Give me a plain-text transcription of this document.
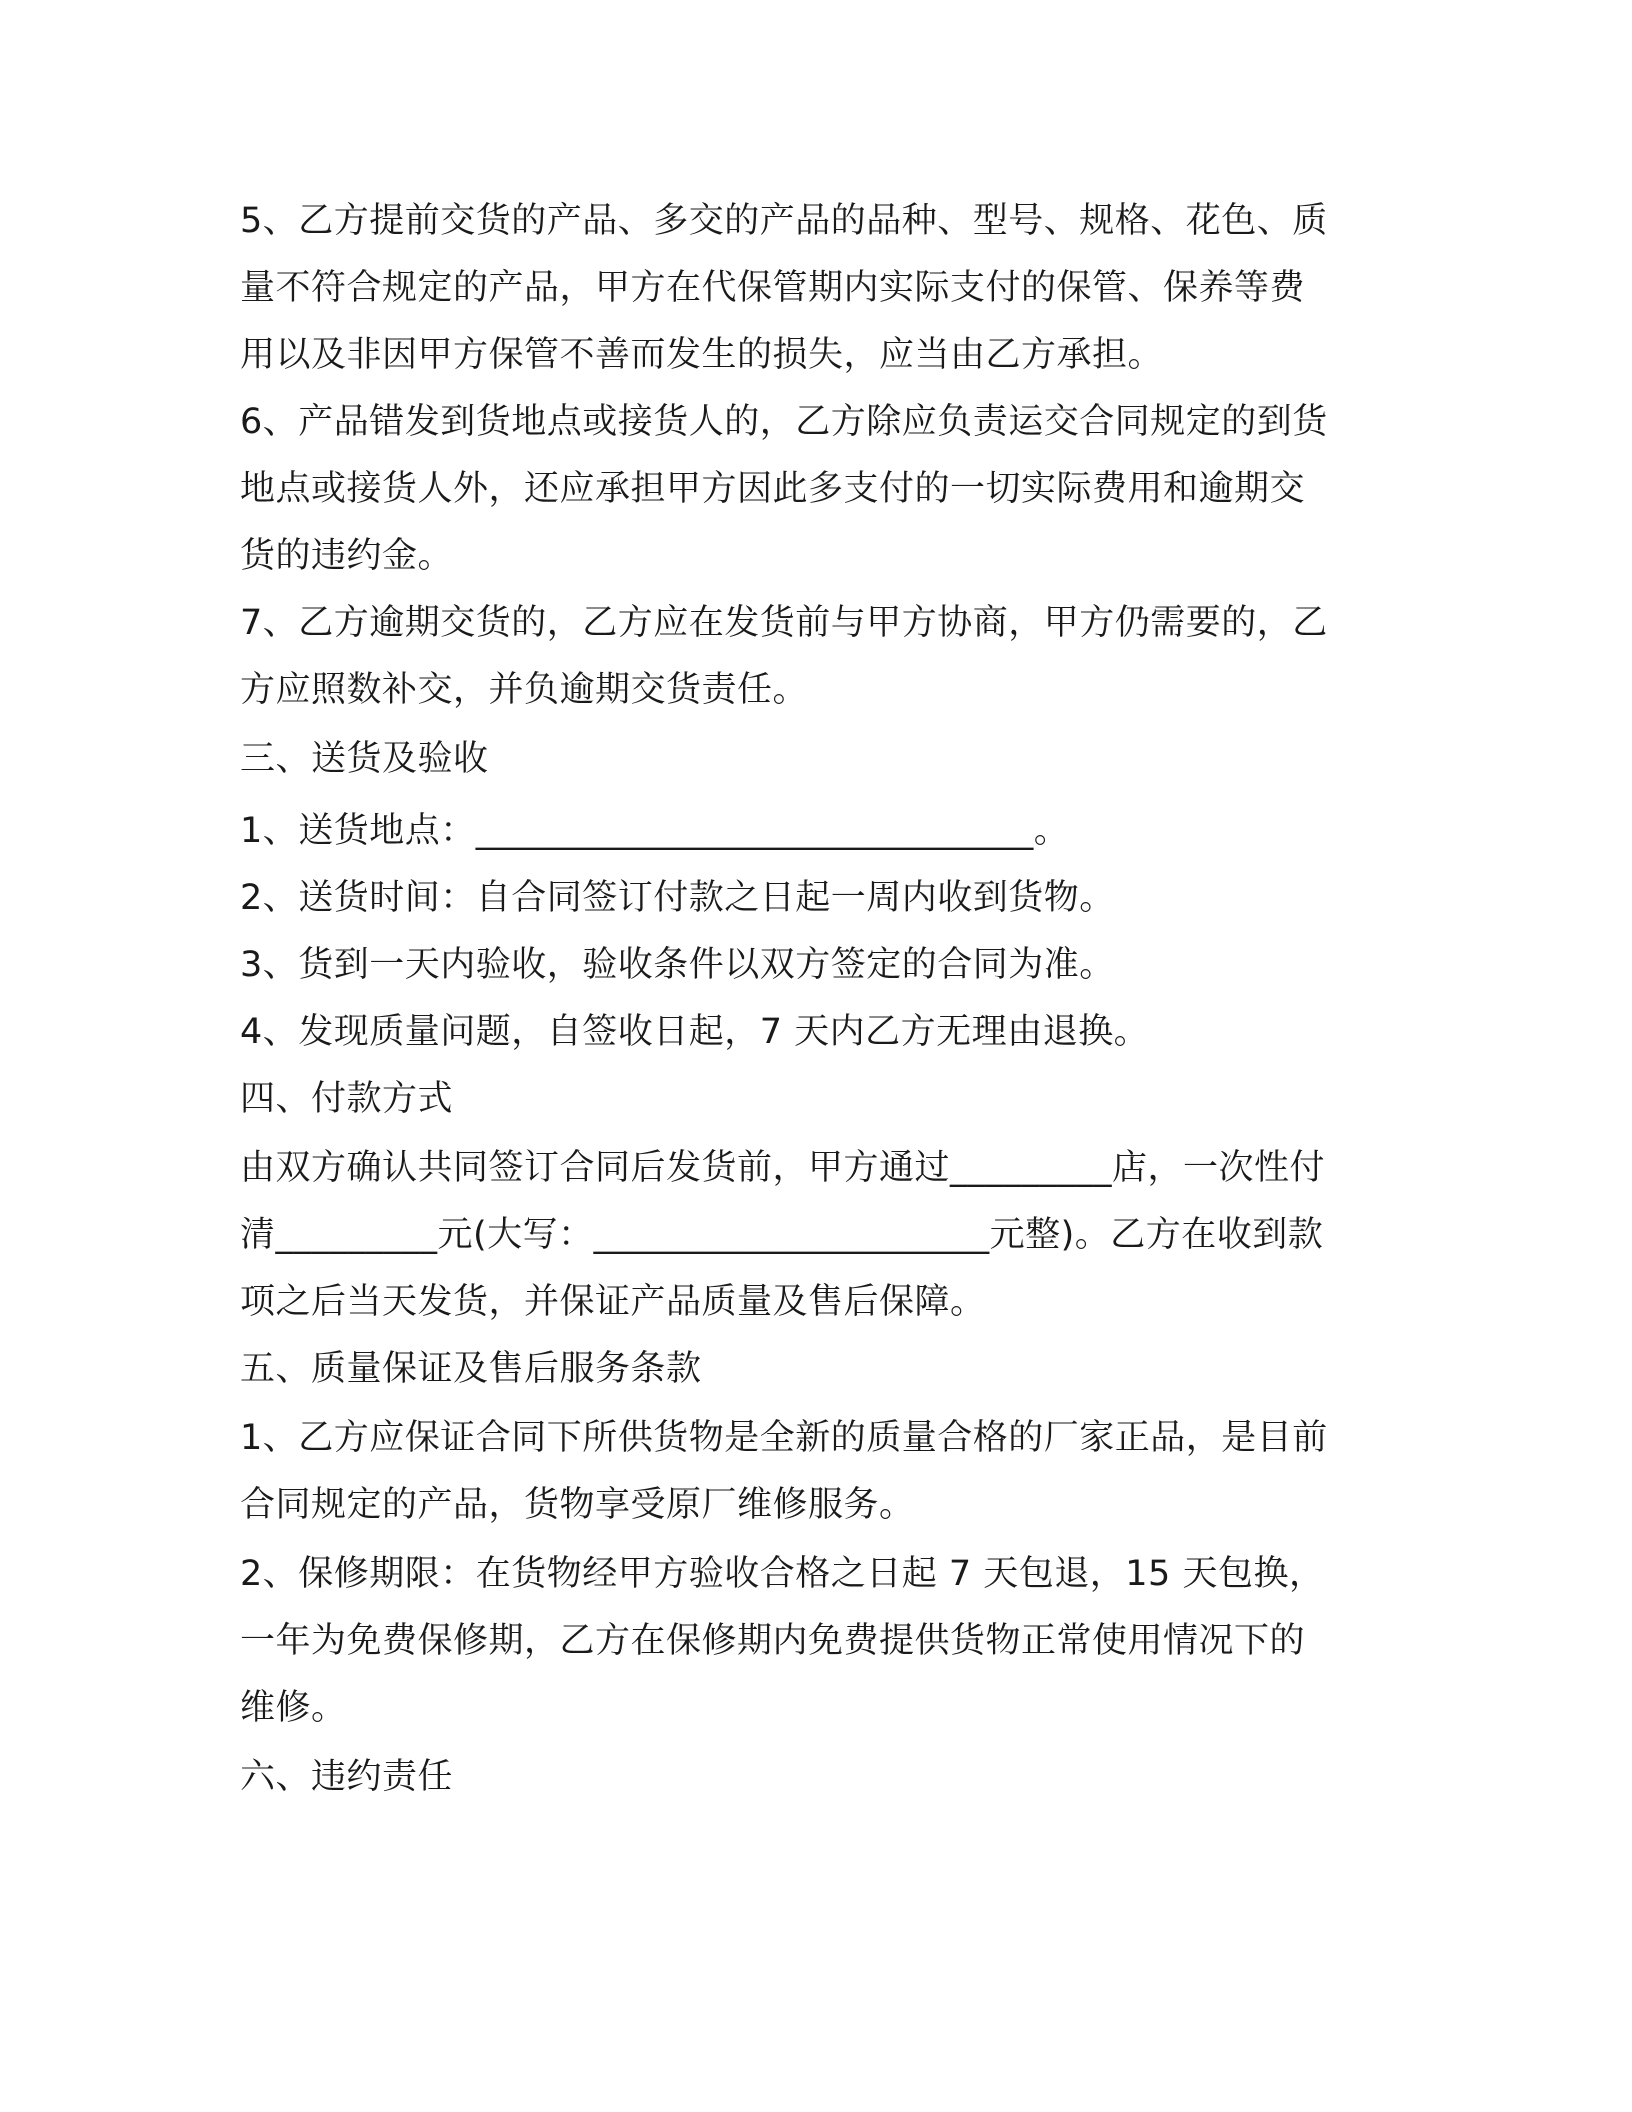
5、乙方提前交货的产品、多交的产品的品种、型号、规格、花色、质
量不符合规定的产品，甲方在代保管期内实际支付的保管、保养等费
用以及非因甲方保管不善而发生的损失，应当由乙方承担。
6、产品错发到货地点或接货人的，乙方除应负责运交合同规定的到货
地点或接货人外，还应承担甲方因此多支付的一切实际费用和逾期交
货的违约金。
7、乙方逾期交货的，乙方应在发货前与甲方协商，甲方仍需要的，乙
方应照数补交，并负逾期交货责任。
三、送货及验收
1、送货地点：_______________________________。
2、送货时间：自合同签订付款之日起一周内收到货物。
3、货到一天内验收，验收条件以双方签定的合同为准。
4、发现质量问题，自签收日起，7 天内乙方无理由退换。
四、付款方式
由双方确认共同签订合同后发货前，甲方通过_________店，一次性付
清_________元(大写：______________________元整)。乙方在收到款
项之后当天发货，并保证产品质量及售后保障。
五、质量保证及售后服务条款
1、乙方应保证合同下所供货物是全新的质量合格的厂家正品，是目前
合同规定的产品，货物享受原厂维修服务。
2、保修期限：在货物经甲方验收合格之日起 7 天包退，15 天包换，
一年为免费保修期，乙方在保修期内免费提供货物正常使用情况下的
维修。
六、违约责任
